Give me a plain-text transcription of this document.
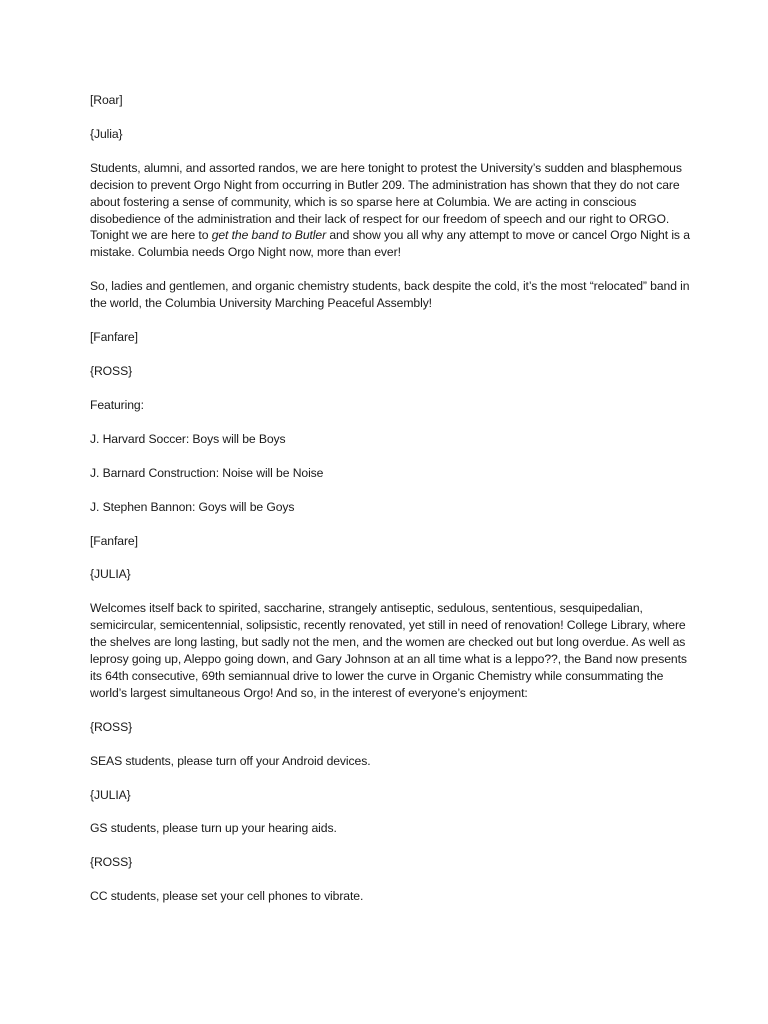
[Roar]

{Julia}

Students, alumni, and assorted randos, we are here tonight to protest the University’s sudden and blasphemous decision to prevent Orgo Night from occurring in Butler 209. The administration has shown that they do not care about fostering a sense of community, which is so sparse here at Columbia. We are acting in conscious disobedience of the administration and their lack of respect for our freedom of speech and our right to ORGO. Tonight we are here to get the band to Butler and show you all why any attempt to move or cancel Orgo Night is a mistake. Columbia needs Orgo Night now, more than ever!

So, ladies and gentlemen, and organic chemistry students, back despite the cold, it’s the most “relocated” band in the world, the Columbia University Marching Peaceful Assembly!

[Fanfare]

{ROSS}

Featuring:

J. Harvard Soccer: Boys will be Boys

J. Barnard Construction: Noise will be Noise

J. Stephen Bannon: Goys will be Goys

[Fanfare]

{JULIA}

Welcomes itself back to spirited, saccharine, strangely antiseptic, sedulous, sententious, sesquipedalian, semicircular, semicentennial, solipsistic, recently renovated, yet still in need of renovation! College Library, where the shelves are long lasting, but sadly not the men, and the women are checked out but long overdue. As well as leprosy going up, Aleppo going down, and Gary Johnson at an all time what is a leppo??, the Band now presents its 64th consecutive, 69th semiannual drive to lower the curve in Organic Chemistry while consummating the world’s largest simultaneous Orgo! And so, in the interest of everyone’s enjoyment:

{ROSS}

SEAS students, please turn off your Android devices.

{JULIA}

GS students, please turn up your hearing aids.

{ROSS}

CC students, please set your cell phones to vibrate.
